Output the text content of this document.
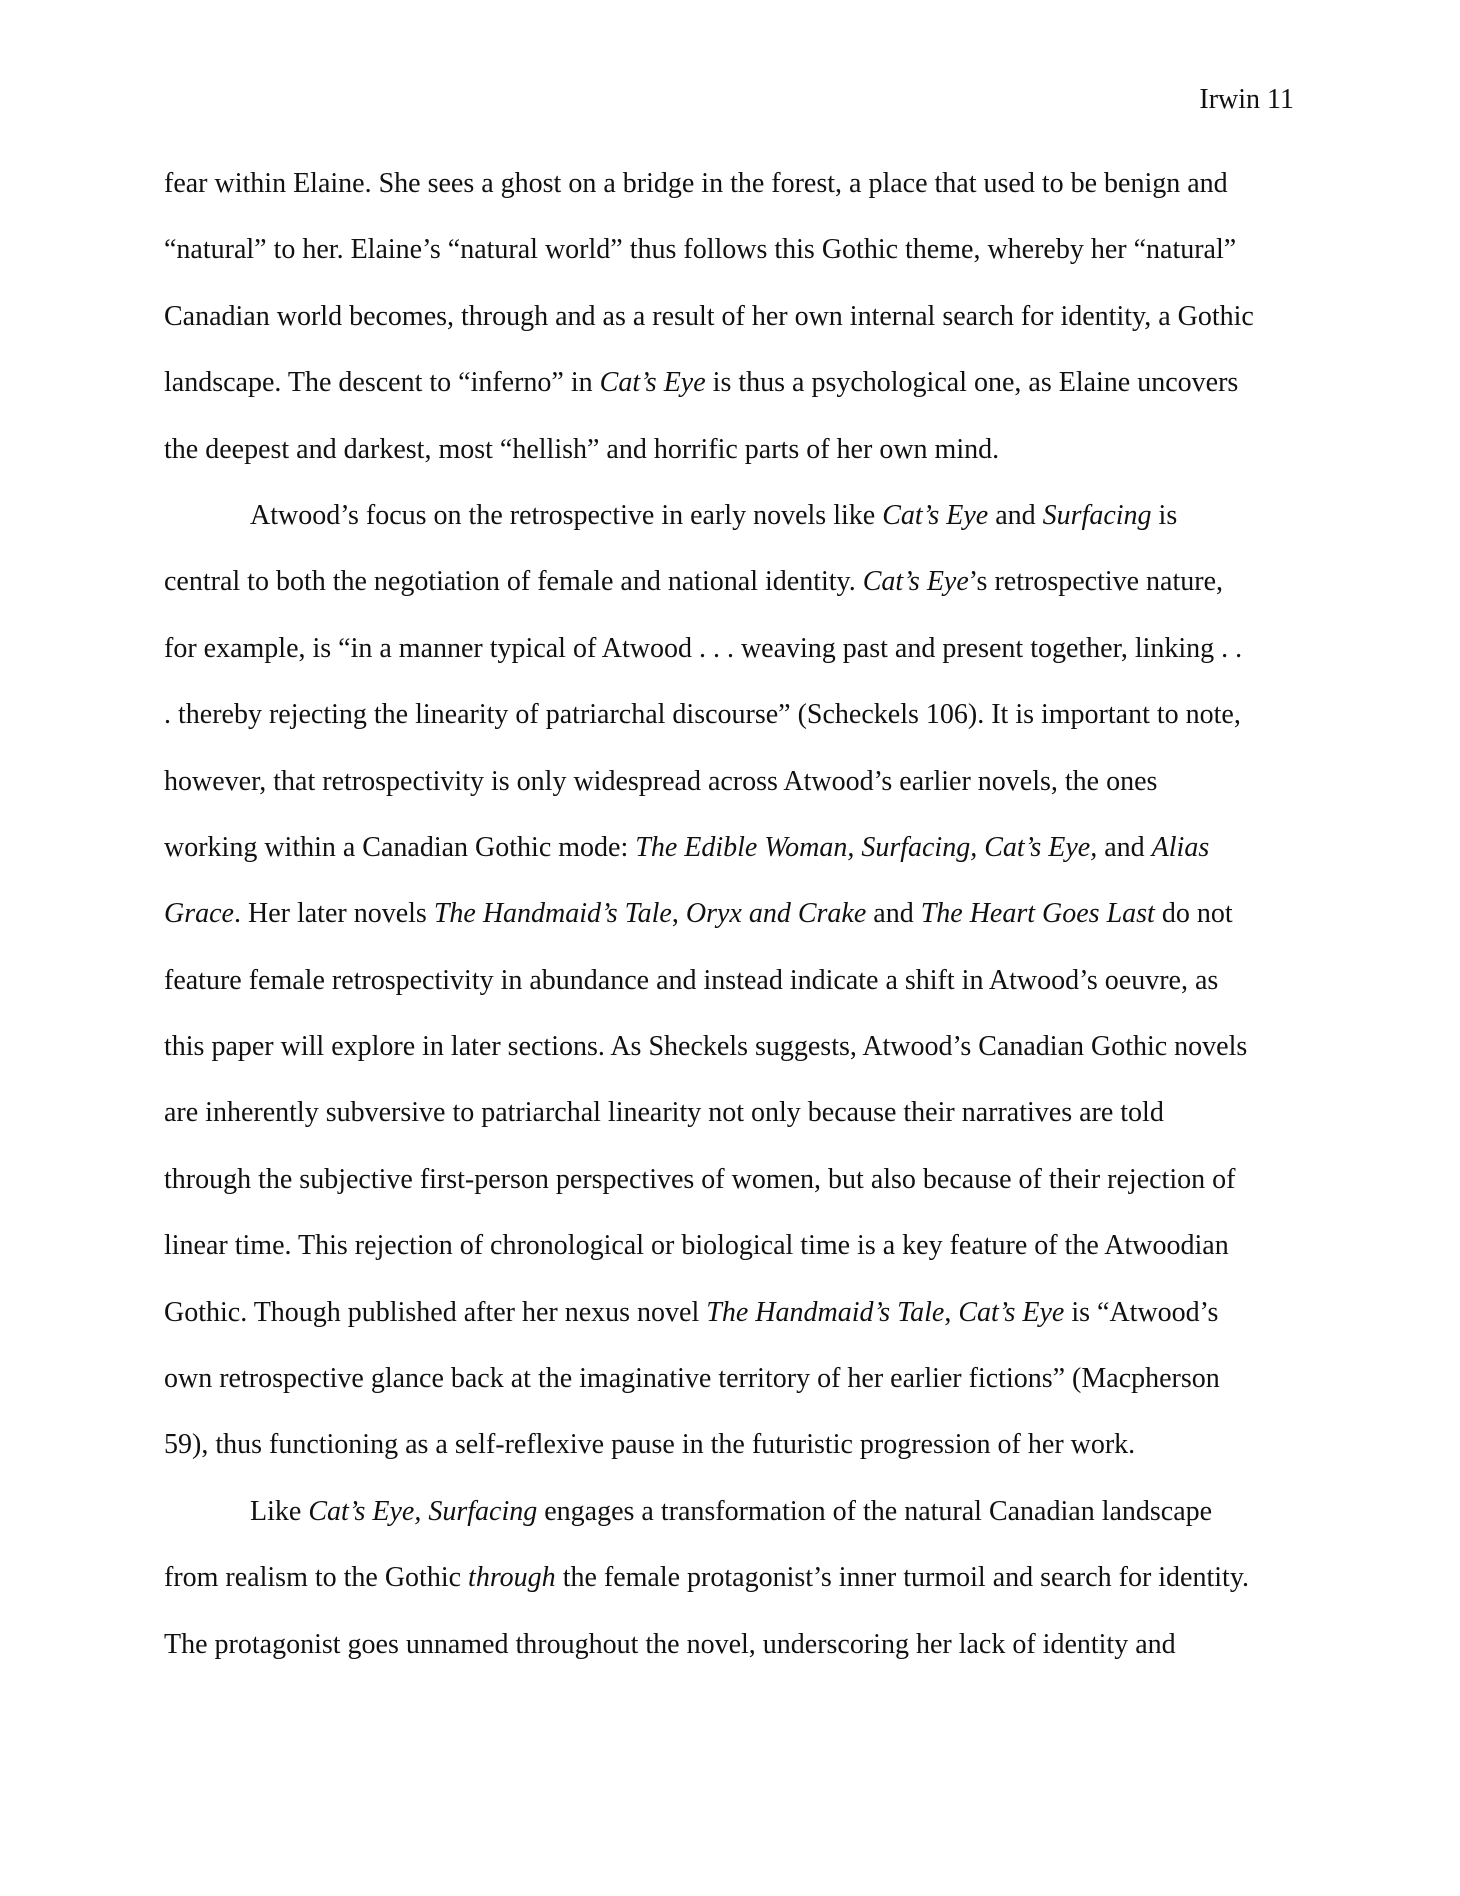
Irwin 11
fear within Elaine. She sees a ghost on a bridge in the forest, a place that used to be benign and
“natural” to her. Elaine’s “natural world” thus follows this Gothic theme, whereby her “natural”
Canadian world becomes, through and as a result of her own internal search for identity, a Gothic
landscape. The descent to “inferno” in Cat’s Eye is thus a psychological one, as Elaine uncovers
the deepest and darkest, most “hellish” and horrific parts of her own mind.
Atwood’s focus on the retrospective in early novels like Cat’s Eye and Surfacing is
central to both the negotiation of female and national identity. Cat’s Eye’s retrospective nature,
for example, is “in a manner typical of Atwood . . . weaving past and present together, linking . .
. thereby rejecting the linearity of patriarchal discourse” (Scheckels 106). It is important to note,
however, that retrospectivity is only widespread across Atwood’s earlier novels, the ones
working within a Canadian Gothic mode: The Edible Woman, Surfacing, Cat’s Eye, and Alias
Grace. Her later novels The Handmaid’s Tale, Oryx and Crake and The Heart Goes Last do not
feature female retrospectivity in abundance and instead indicate a shift in Atwood’s oeuvre, as
this paper will explore in later sections. As Sheckels suggests, Atwood’s Canadian Gothic novels
are inherently subversive to patriarchal linearity not only because their narratives are told
through the subjective first-person perspectives of women, but also because of their rejection of
linear time. This rejection of chronological or biological time is a key feature of the Atwoodian
Gothic. Though published after her nexus novel The Handmaid’s Tale, Cat’s Eye is “Atwood’s
own retrospective glance back at the imaginative territory of her earlier fictions” (Macpherson
59), thus functioning as a self-reflexive pause in the futuristic progression of her work.
Like Cat’s Eye, Surfacing engages a transformation of the natural Canadian landscape
from realism to the Gothic through the female protagonist’s inner turmoil and search for identity.
The protagonist goes unnamed throughout the novel, underscoring her lack of identity and
